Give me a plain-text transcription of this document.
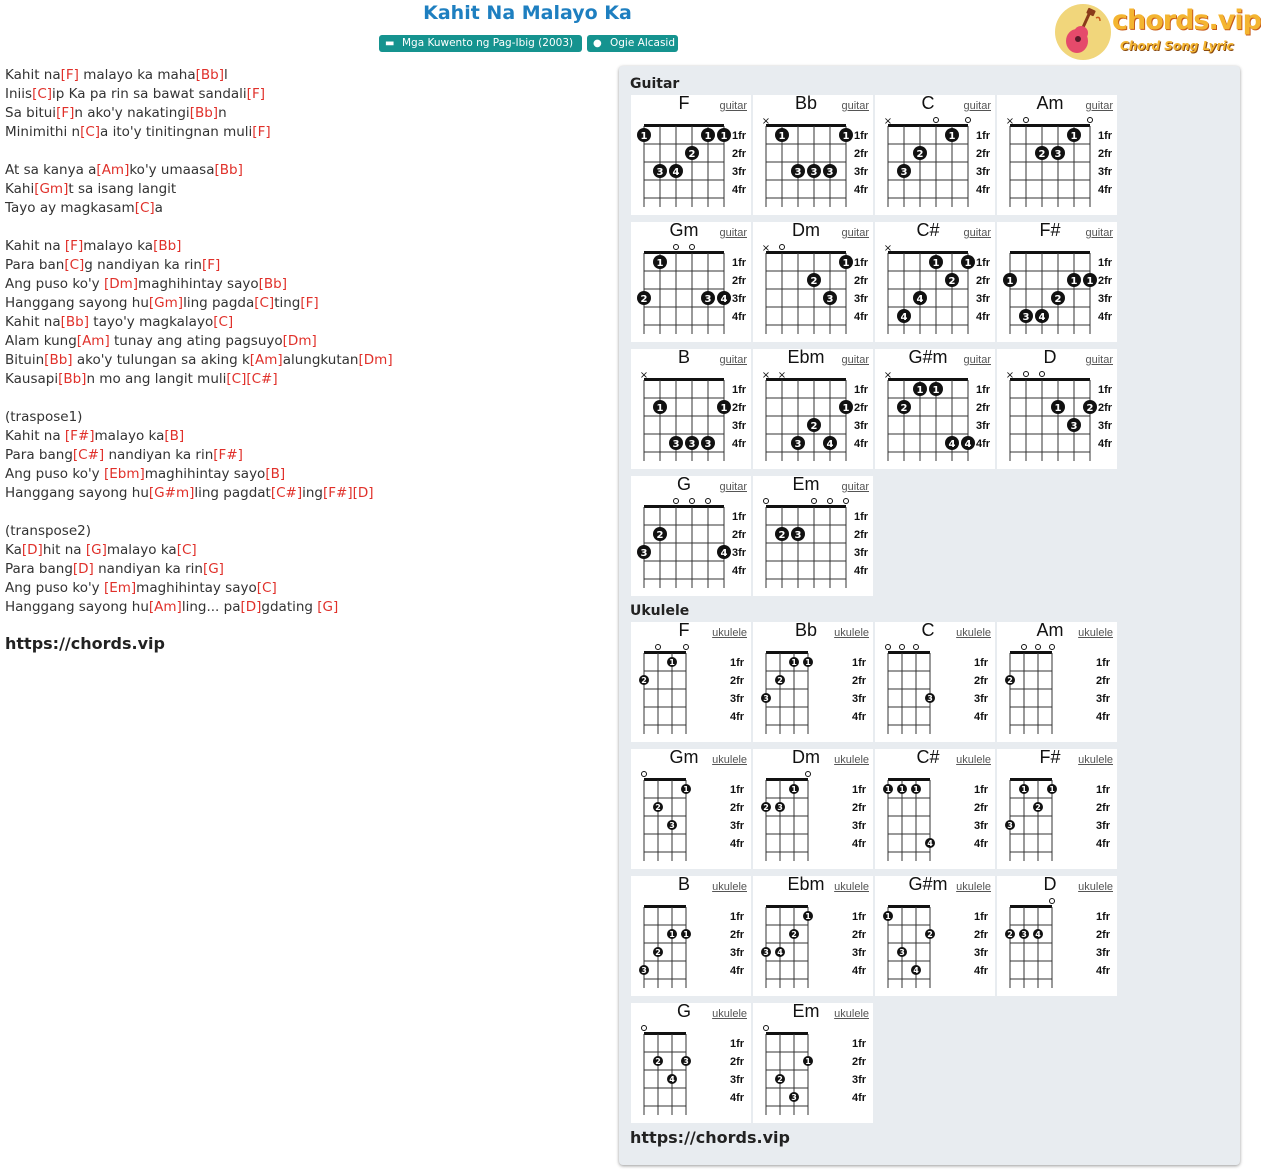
Kahit Na Malayo Ka
▬ Mga Kuwento ng Pag-Ibig (2003) ● Ogie Alcasid
chords.vip
Chord Song Lyric
Kahit na[F] malayo ka maha[Bb]l
Iniis[C]ip Ka pa rin sa bawat sandali[F]
Sa bitui[F]n ako'y nakatingi[Bb]n
Minimithi n[C]a ito'y tinitingnan muli[F]

At sa kanya a[Am]ko'y umaasa[Bb]
Kahi[Gm]t sa isang langit
Tayo ay magkasam[C]a

Kahit na [F]malayo ka[Bb]
Para ban[C]g nandiyan ka rin[F]
Ang puso ko'y [Dm]maghihintay sayo[Bb]
Hanggang sayong hu[Gm]ling pagda[C]ting[F]
Kahit na[Bb] tayo'y magkalayo[C]
Alam kung[Am] tunay ang ating pagsuyo[Dm]
Bituin[Bb] ako'y tulungan sa aking k[Am]alungkutan[Dm]
Kausapi[Bb]n mo ang langit muli[C][C#]

(traspose1)
Kahit na [F#]malayo ka[B]
Para bang[C#] nandiyan ka rin[F#]
Ang puso ko'y [Ebm]maghihintay sayo[B]
Hanggang sayong hu[G#m]ling pagdat[C#]ing[F#][D]

(transpose2)
Ka[D]hit na [G]malayo ka[C]
Para bang[D] nandiyan ka rin[G]
Ang puso ko'y [Em]maghihintay sayo[C]
Hanggang sayong hu[Am]ling... pa[D]gdating [G]
https://chords.vip
Guitar
Ukulele
1fr
2fr
3fr
4fr
1
3 4
2
1 1
F	guitar
1fr
2fr
3fr
4fr
×
1
3 3 3
1
Bb	guitar
1fr
2fr
3fr
4fr
×
3
2
1
C	guitar
1fr
2fr
3fr
4fr
×
2 3
1
Am	guitar
1fr
2fr
3fr
4fr
2
1
3 4
Gm	guitar
1fr
2fr
3fr
4fr
×
2
3
1
Dm	guitar
1fr
2fr
3fr
4fr
×
4
4
1
2
1
C#	guitar
1fr
2fr
3fr
4fr
1
3 4
2
1 1
F#	guitar
1fr
2fr
3fr
4fr
×
1
3 3 3
1
B	guitar
1fr
2fr
3fr
4fr
× ×
3
2
4
1
Ebm	guitar
1fr
2fr
3fr
4fr
×
2
1 1
4 4
G#m	guitar
1fr
2fr
3fr
4fr
×
1
3
2
D	guitar
1fr
2fr
3fr
4fr
3
2
4
G	guitar
1fr
2fr
3fr
4fr
2 3
Em	guitar
1fr
2fr
3fr
4fr
2
1
F	ukulele
1fr
2fr
3fr
4fr
3
2
1 1
Bb	ukulele
1fr
2fr
3fr
4fr
3
C	ukulele
1fr
2fr
3fr
4fr
2
Am	ukulele
1fr
2fr
3fr
4fr
2
3
1
Gm	ukulele
1fr
2fr
3fr
4fr
2 3
1
Dm	ukulele
1fr
2fr
3fr
4fr
1 1 1
4
C#	ukulele
1fr
2fr
3fr
4fr
3
1
2
1
F#	ukulele
1fr
2fr
3fr
4fr
3
2
1 1
B	ukulele
1fr
2fr
3fr
4fr
3 4
2
1
Ebm ukulele
1fr
2fr
3fr
4fr
1
3
4
2
G#m ukulele
1fr
2fr
3fr
4fr
2 3 4
D	ukulele
1fr
2fr
3fr
4fr
2
4
3
G	ukulele
1fr
2fr
3fr
4fr
2
3
1
Em	ukulele
https://chords.vip
